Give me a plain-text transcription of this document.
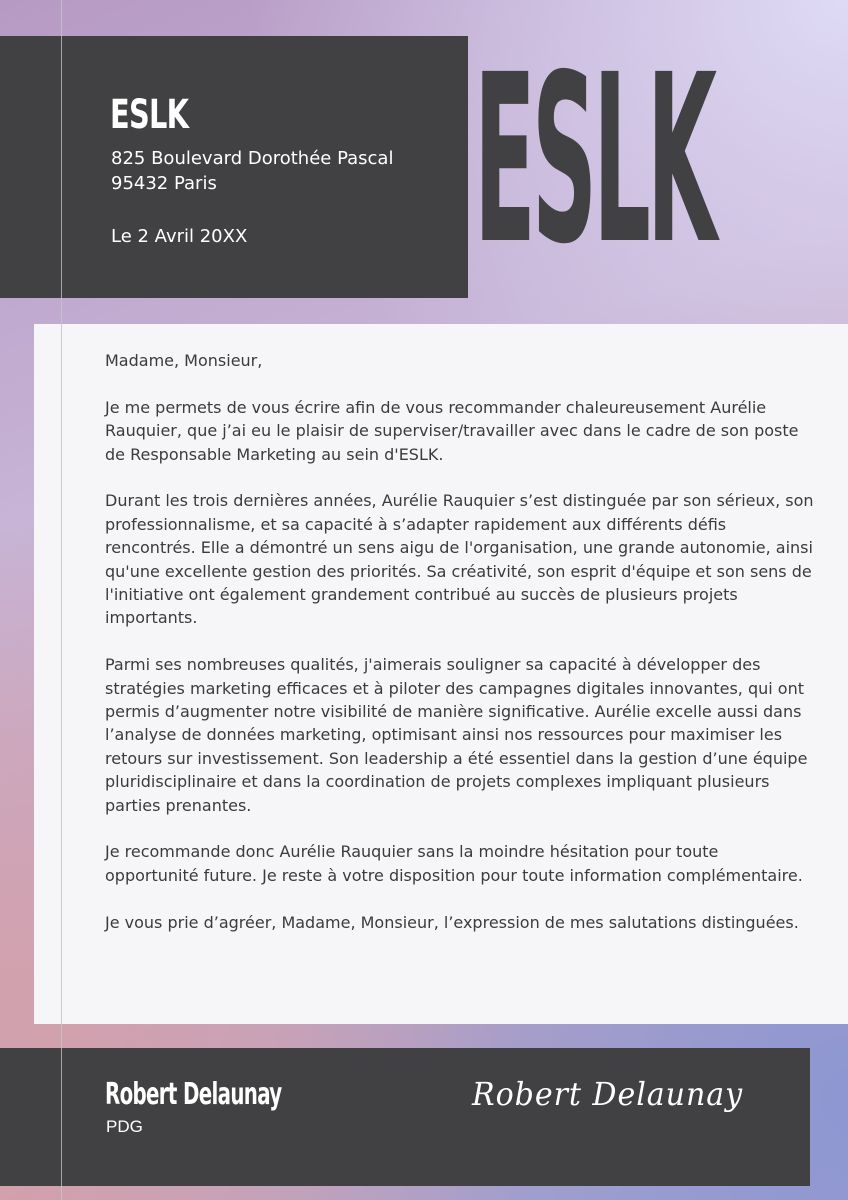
ESLK
825 Boulevard Dorothée Pascal
95432 Paris
Le 2 Avril 20XX ESLK

Madame, Monsieur,

Je me permets de vous écrire afin de vous recommander chaleureusement Aurélie Rauquier, que j’ai eu le plaisir de superviser/travailler avec dans le cadre de son poste de Responsable Marketing au sein d'ESLK.

Durant les trois dernières années, Aurélie Rauquier s’est distinguée par son sérieux, son professionnalisme, et sa capacité à s’adapter rapidement aux différents défis rencontrés. Elle a démontré un sens aigu de l'organisation, une grande autonomie, ainsi qu'une excellente gestion des priorités. Sa créativité, son esprit d'équipe et son sens de l'initiative ont également grandement contribué au succès de plusieurs projets importants.

Parmi ses nombreuses qualités, j'aimerais souligner sa capacité à développer des stratégies marketing efficaces et à piloter des campagnes digitales innovantes, qui ont permis d’augmenter notre visibilité de manière significative. Aurélie excelle aussi dans l’analyse de données marketing, optimisant ainsi nos ressources pour maximiser les retours sur investissement. Son leadership a été essentiel dans la gestion d’une équipe pluridisciplinaire et dans la coordination de projets complexes impliquant plusieurs parties prenantes.

Je recommande donc Aurélie Rauquier sans la moindre hésitation pour toute opportunité future. Je reste à votre disposition pour toute information complémentaire.

Je vous prie d’agréer, Madame, Monsieur, l’expression de mes salutations distinguées.

Robert Delaunay
PDG
Robert Delaunay
